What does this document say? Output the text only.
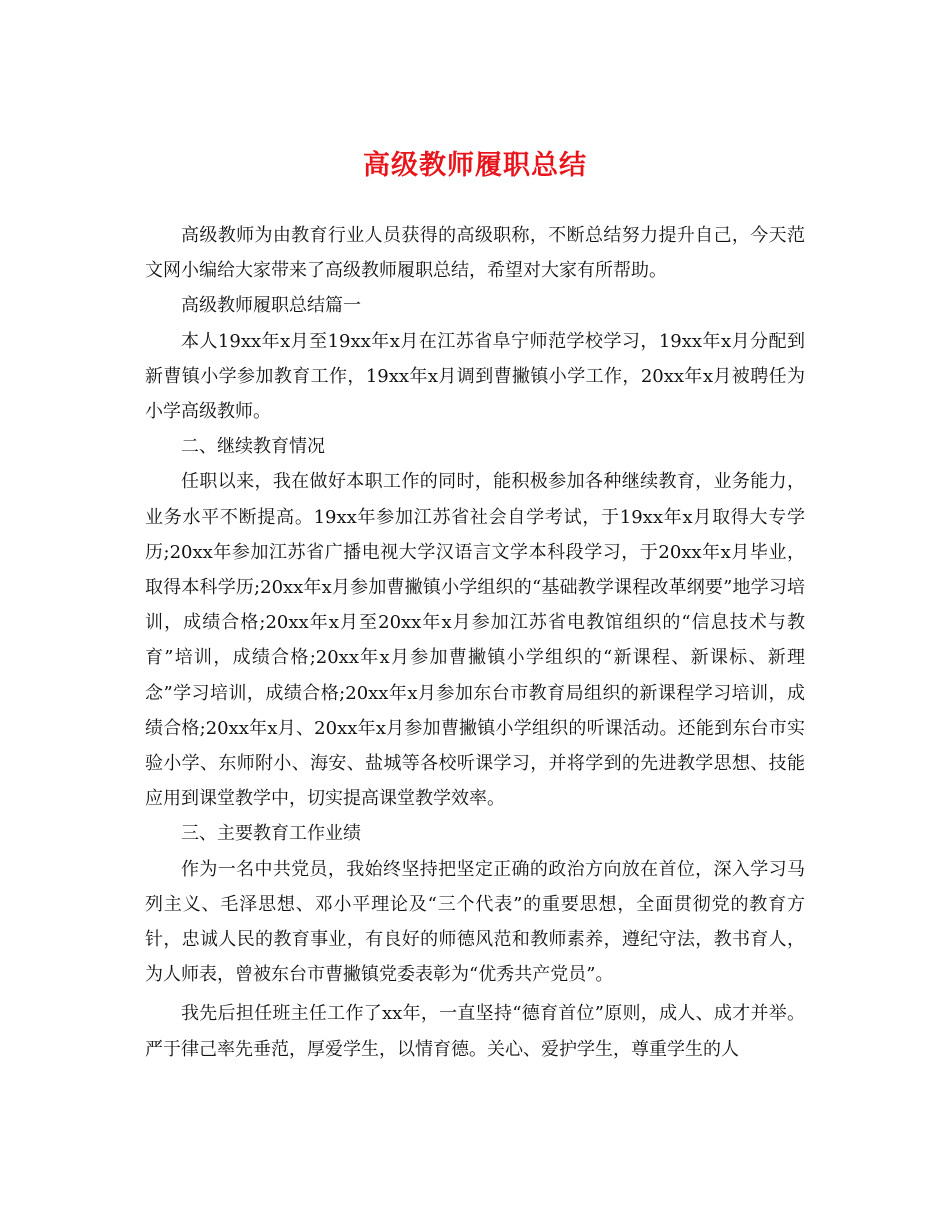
高级教师履职总结

高级教师为由教育行业人员获得的高级职称，不断总结努力提升自己，今天范文网小编给大家带来了高级教师履职总结，希望对大家有所帮助。

高级教师履职总结篇一

本人19xx年x月至19xx年x月在江苏省阜宁师范学校学习，19xx年x月分配到新曹镇小学参加教育工作，19xx年x月调到曹撇镇小学工作，20xx年x月被聘任为小学高级教师。

二、继续教育情况

任职以来，我在做好本职工作的同时，能积极参加各种继续教育，业务能力，业务水平不断提高。19xx年参加江苏省社会自学考试，于19xx年x月取得大专学历;20xx年参加江苏省广播电视大学汉语言文学本科段学习，于20xx年x月毕业，取得本科学历;20xx年x月参加曹撇镇小学组织的“基础教学课程改革纲要”地学习培训，成绩合格;20xx年x月至20xx年x月参加江苏省电教馆组织的“信息技术与教育”培训，成绩合格;20xx年x月参加曹撇镇小学组织的“新课程、新课标、新理念”学习培训，成绩合格;20xx年x月参加东台市教育局组织的新课程学习培训，成绩合格;20xx年x月、20xx年x月参加曹撇镇小学组织的听课活动。还能到东台市实验小学、东师附小、海安、盐城等各校听课学习，并将学到的先进教学思想、技能应用到课堂教学中，切实提高课堂教学效率。

三、主要教育工作业绩

作为一名中共党员，我始终坚持把坚定正确的政治方向放在首位，深入学习马列主义、毛泽思想、邓小平理论及“三个代表”的重要思想，全面贯彻党的教育方针，忠诚人民的教育事业，有良好的师德风范和教师素养，遵纪守法，教书育人，为人师表，曾被东台市曹撇镇党委表彰为“优秀共产党员”。

我先后担任班主任工作了xx年，一直坚持“德育首位”原则，成人、成才并举。严于律己率先垂范，厚爱学生，以情育德。关心、爱护学生，尊重学生的人
